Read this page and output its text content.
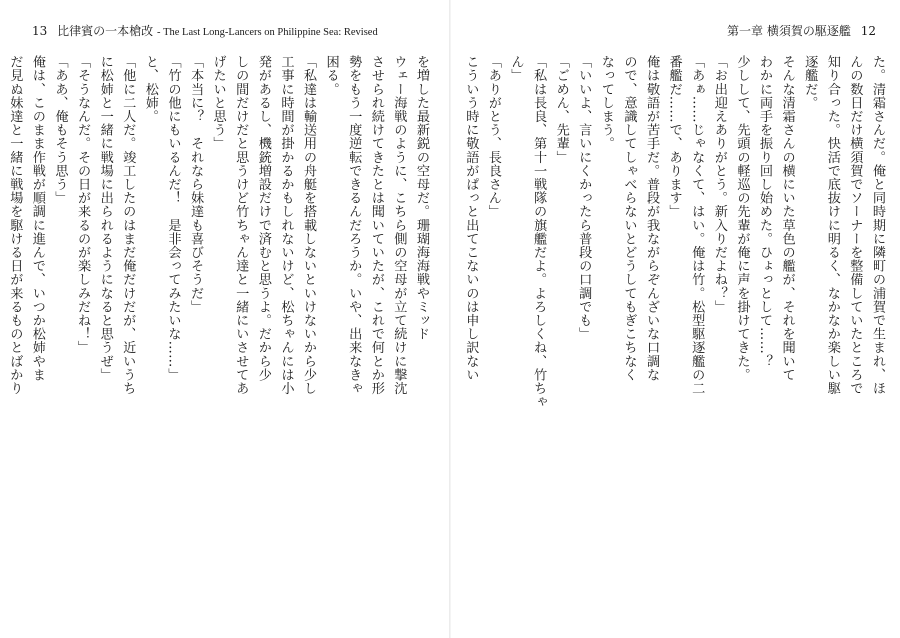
13 比律賓の一本槍改 - The Last Long-Lancers on Philippine Sea: Revised
を増した最新鋭の空母だ。珊瑚海海戦やミッド
ウェー海戦のように、こちら側の空母が立て続けに撃沈
させられ続けてきたとは聞いていたが、これで何とか形
勢をもう一度逆転できるんだろうか。いや、出来なきゃ
困る。
「私達は輸送用の舟艇を搭載しないといけないから少し
工事に時間が掛かるかもしれないけど、松ちゃんには小
発があるし、機銃増設だけで済むと思うよ。だから少
しの間だけだと思うけど竹ちゃん達と一緒にいさせてあ
げたいと思う」
「本当に？　それなら妹達も喜びそうだ」
「竹の他にもいるんだ！　是非会ってみたいな……」
と、松姉。
「他に二人だ。竣工したのはまだ俺だけだが、近いうち
に松姉と一緒に戦場に出られるようになると思うぜ」
「そうなんだ。その日が来るのが楽しみだね！」
「ああ、俺もそう思う」
俺は、このまま作戦が順調に進んで、いつか松姉やま
だ見ぬ妹達と一緒に戦場を駆ける日が来るものとばかり
第一章 横須賀の駆逐艦 12
た。清霜さんだ。俺と同時期に隣町の浦賀で生まれ、ほ
んの数日だけ横須賀でソーナーを整備していたところで
知り合った。快活で底抜けに明るく、なかなか楽しい駆
逐艦だ。
そんな清霜さんの横にいた草色の艦が、それを聞いて
わかに両手を振り回し始めた。ひょっとして……？
少しして、先頭の軽巡の先輩が俺に声を掛けてきた。
「お出迎えありがとう。新入りだよね？」
「あぁ……じゃなくて、はい。俺は竹。松型駆逐艦の二
番艦だ……で、あります」
俺は敬語が苦手だ。普段が我ながらぞんざいな口調な
ので、意識してしゃべらないとどうしてもぎこちなく
なってしまう。
「いいよ、言いにくかったら普段の口調でも」
「ごめん、先輩」
「私は長良、第十一戦隊の旗艦だよ。よろしくね、竹ちゃ
ん」
「ありがとう、長良さん」
こういう時に敬語がぱっと出てこないのは申し訳ない
